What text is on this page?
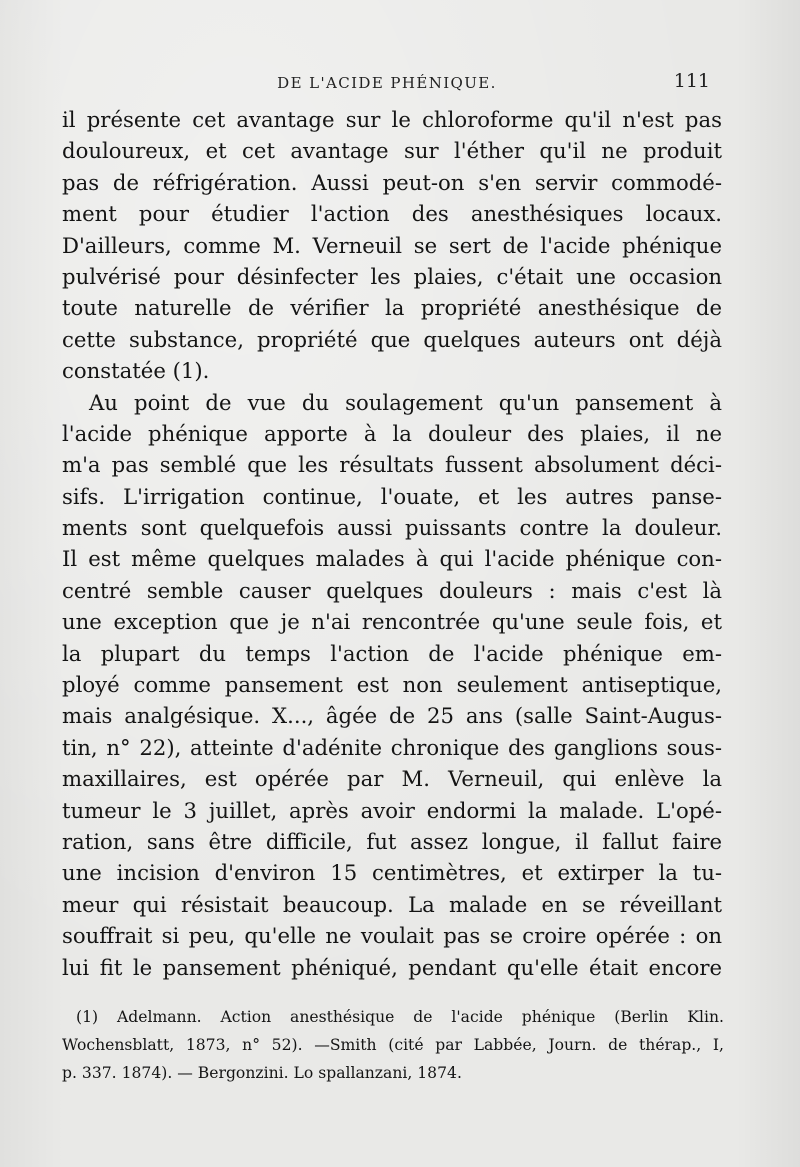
DE L'ACIDE PHÉNIQUE.	111
il présente cet avantage sur le chloroforme qu'il n'est pas
douloureux, et cet avantage sur l'éther qu'il ne produit
pas de réfrigération. Aussi peut-on s'en servir commodé-
ment pour étudier l'action des anesthésiques locaux.
D'ailleurs, comme M. Verneuil se sert de l'acide phénique
pulvérisé pour désinfecter les plaies, c'était une occasion
toute naturelle de vérifier la propriété anesthésique de
cette substance, propriété que quelques auteurs ont déjà
constatée (1).
Au point de vue du soulagement qu'un pansement à
l'acide phénique apporte à la douleur des plaies, il ne
m'a pas semblé que les résultats fussent absolument déci-
sifs. L'irrigation continue, l'ouate, et les autres panse-
ments sont quelquefois aussi puissants contre la douleur.
Il est même quelques malades à qui l'acide phénique con-
centré semble causer quelques douleurs : mais c'est là
une exception que je n'ai rencontrée qu'une seule fois, et
la plupart du temps l'action de l'acide phénique em-
ployé comme pansement est non seulement antiseptique,
mais analgésique. X..., âgée de 25 ans (salle Saint-Augus-
tin, n° 22), atteinte d'adénite chronique des ganglions sous-
maxillaires, est opérée par M. Verneuil, qui enlève la
tumeur le 3 juillet, après avoir endormi la malade. L'opé-
ration, sans être difficile, fut assez longue, il fallut faire
une incision d'environ 15 centimètres, et extirper la tu-
meur qui résistait beaucoup. La malade en se réveillant
souffrait si peu, qu'elle ne voulait pas se croire opérée : on
lui fit le pansement phéniqué, pendant qu'elle était encore
(1) Adelmann. Action anesthésique de l'acide phénique (Berlin Klin.
Wochensblatt, 1873, n° 52). —Smith (cité par Labbée, Journ. de thérap., I,
p. 337. 1874). — Bergonzini. Lo spallanzani, 1874.
